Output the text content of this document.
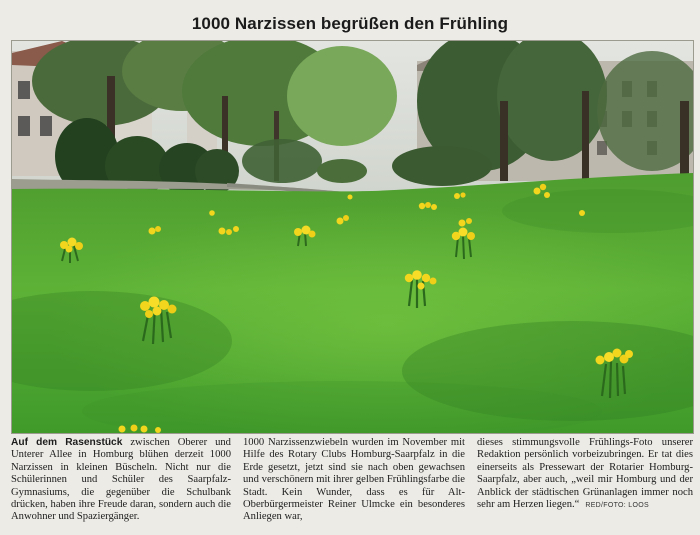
1000 Narzissen begrüßen den Frühling
Auf dem Rasenstück zwischen Oberer und Unterer Allee in Homburg blühen derzeit 1000 Narzissen in kleinen Büscheln. Nicht nur die Schülerinnen und Schüler des Saarpfalz-Gymnasiums, die gegenüber die Schulbank drücken, haben ihre Freude daran, sondern auch die Anwohner und Spaziergänger.
1000 Narzissenzwiebeln wurden im November mit Hilfe des Rotary Clubs Homburg-Saarpfalz in die Erde gesetzt, jetzt sind sie nach oben gewachsen und verschönern mit ihrer gelben Frühlingsfarbe die Stadt. Kein Wunder, dass es für Alt-Oberbürgermeister Reiner Ulmcke ein besonderes Anliegen war,
dieses stimmungsvolle Frühlings-Foto unserer Redaktion persönlich vorbeizubringen. Er tat dies einerseits als Pressewart der Rotarier Homburg-Saarpfalz, aber auch, „weil mir Homburg und der Anblick der städtischen Grünanlagen immer noch sehr am Herzen liegen.“ RED/FOTO: LOOS
